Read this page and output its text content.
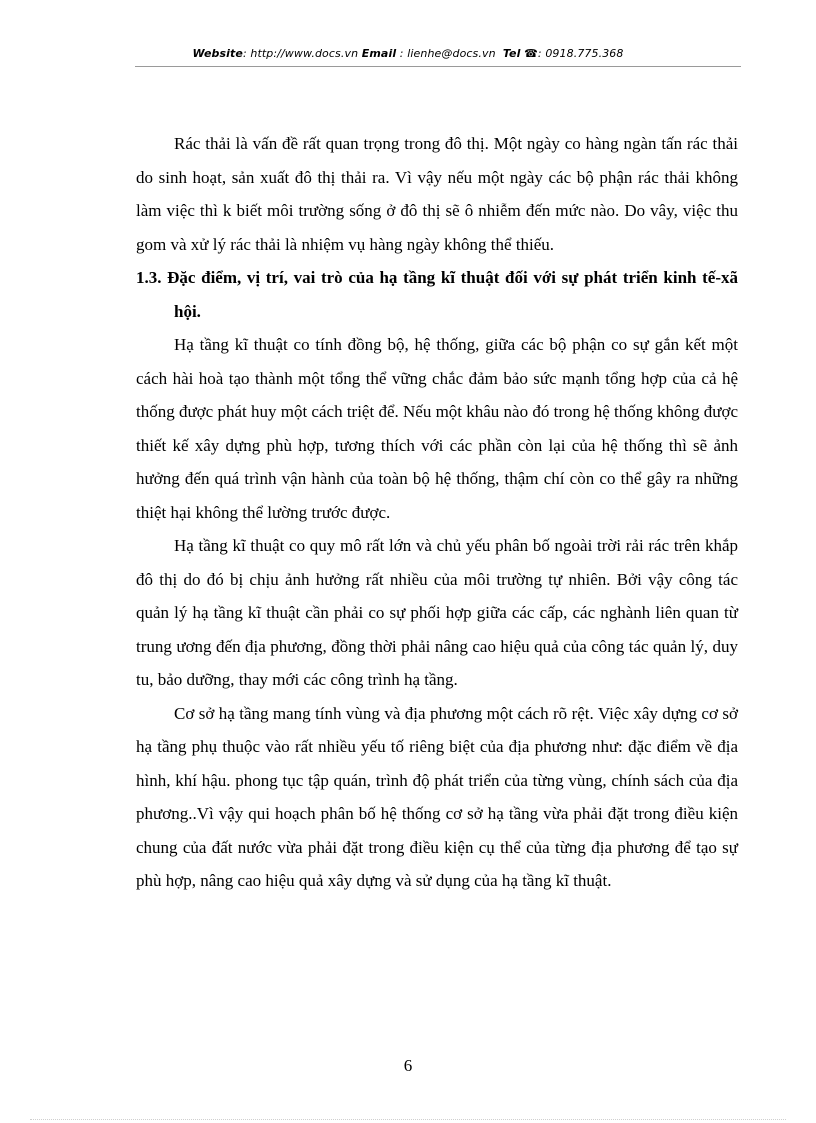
Website: http://www.docs.vn Email : lienhe@docs.vn Tel ☎: 0918.775.368

Rác thải là vấn đề rất quan trọng trong đô thị. Một ngày co hàng ngàn tấn rác thải do sinh hoạt, sản xuất đô thị thải ra. Vì vậy nếu một ngày các bộ phận rác thải không làm việc thì k biết môi trường sống ở đô thị sẽ ô nhiễm đến mức nào. Do vây, việc thu gom và xử lý rác thải là nhiệm vụ hàng ngày không thể thiếu.

1.3. Đặc điểm, vị trí, vai trò của hạ tầng kĩ thuật đối với sự phát triển kinh tế-xã hội.

Hạ tầng kĩ thuật co tính đồng bộ, hệ thống, giữa các bộ phận co sự gắn kết một cách hài hoà tạo thành một tổng thể vững chắc đảm bảo sức mạnh tổng hợp của cả hệ thống được phát huy một cách triệt để. Nếu một khâu nào đó trong hệ thống không được thiết kế xây dựng phù hợp, tương thích với các phần còn lại của hệ thống thì sẽ ảnh hưởng đến quá trình vận hành của toàn bộ hệ thống, thậm chí còn co thể gây ra những thiệt hại không thể lường trước được.

Hạ tầng kĩ thuật co quy mô rất lớn và chủ yếu phân bố ngoài trời rải rác trên khắp đô thị do đó bị chịu ảnh hưởng rất nhiều của môi trường tự nhiên. Bởi vậy công tác quản lý hạ tầng kĩ thuật cần phải co sự phối hợp giữa các cấp, các nghành liên quan từ trung ương đến địa phương, đồng thời phải nâng cao hiệu quả của công tác quản lý, duy tu, bảo dưỡng, thay mới các công trình hạ tầng.

Cơ sở hạ tầng mang tính vùng và địa phương một cách rõ rệt. Việc xây dựng cơ sở hạ tầng phụ thuộc vào rất nhiều yếu tố riêng biệt của địa phương như: đặc điểm về địa hình, khí hậu. phong tục tập quán, trình độ phát triển của từng vùng, chính sách của địa phương..Vì vậy qui hoạch phân bố hệ thống cơ sở hạ tầng vừa phải đặt trong điều kiện chung của đất nước vừa phải đặt trong điều kiện cụ thể của từng địa phương để tạo sự phù hợp, nâng cao hiệu quả xây dựng và sử dụng của hạ tầng kĩ thuật.

6
